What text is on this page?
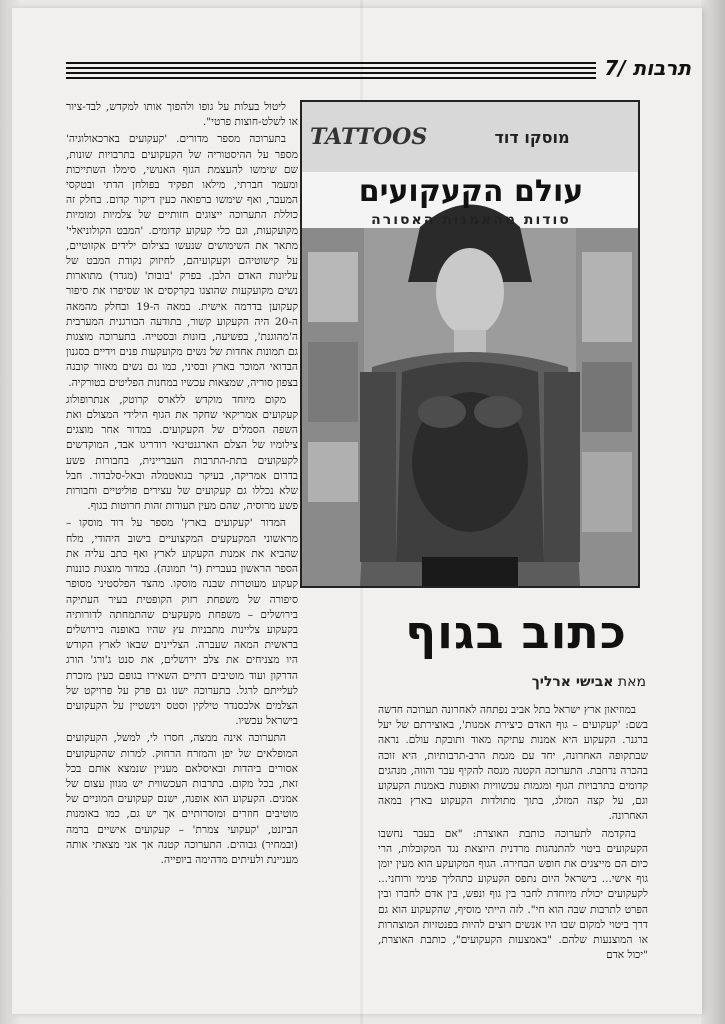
תרבות /7

ליטול בעלות על גופו ולהפוך אותו למקדש, לבד-ציור או לשלט-חוצות פרטי".

בתערוכה מספר מדורים. 'קעקועים בארכאולוגיה' מספר על ההיסטוריה של הקעקועים בתרבויות שונות, שם שימשו להעצמת הגוף האנושי, סימלו השתייכות ומעמד חברתי, מילאו תפקיד בפולחן הדתי ובטקסי המעבר, ואף שימשו ברפואה כעין דיקור קדום. בחלק זה כוללת התערוכה ייצוגים חזותיים של צלמיות ומומיות מקועקעות, וגם כלי קעקוע קדומים. 'המבט הקולוניאלי' מתאר את השימושים שנעשו בצילום ילידים אקזוטיים, על קישוטיהם וקעקועיהם, לחיזוק נקודת המבט של עליונות האדם הלבן. בפרק 'בובות' (מגדר) מתוארות נשים מקועקעות שהוצגו בקרקסים או שסיפרו את סיפור קעקוען בדרמה אישית. במאה ה-19 ובחלק מהמאה ה-20 היה הקעקוע קשור, בתודעה הבורגנית המערבית ה'מהוגנת', בפשיעה, בזונות ובסטייה. בתערוכה מוצגות גם תמונות אחדות של נשים מקועקעות פנים וידיים בסגנון הבדואי המוכר בארץ ובסיני, כמו גם נשים מאזור קובנה בצפון סוריה, שמצאות עכשיו במחנות הפליטים בטורקיה.

מקום מיוחד מוקדש ללארס קרוטק, אנתרופולוג קעקועים אמריקאי שחקר את הגוף הילידי המצולם ואת השפה הסמלים של הקעקועים. במדור אחר מוצגים צילומיו של הצלם הארגנטינאי רודריגו אבד, המוקדשים לקעקועים בתת-התרבות העבריינית, בחבורות פשע בדרום אמריקה, בעיקר בגואטמלה ובאל-סלבדור. חבל שלא נכללו גם קעקועים של עצירים פוליטיים וחבורות פשע מרוסיה, שהם מעין תעודות זהות חרוטות בגוף.

המדור 'קעקועים בארץ' מספר על דוד מוסקו – מראשוני המקעקעים המקצועיים בישוב היהודי, מלח שהביא את אמנות הקעקוע לארץ ואף כתב עליה את הספר הראשון בעברית (ר' תמונה). במדור מוצגות כוננות קעקוע מעוטרות שבנה מוסקו. מהצד הפלסטיני מסופר סיפורה של משפחת רזוק הקופטית בעיר העתיקה בירושלים – משפחת מקעקעים שהתמחתה לדורותיה בקעקוע צליינות מתבניות עץ שהיו באופנה בירושלים בראשית המאה שעברה. הצליינים שבאו לארץ הקודש היו מצניחים את צלב ירושלים, את סנט ג'ורג' הורג הדרקון ועוד מוטיבים דתיים השאירו בגופם כעין מזכרת לעלייתם לרגל. בתערוכה ישנו גם פרק על פרויקט של הצלמים אלכסנדר טילקין וסטס וינשטיין על הקעקועים בישראל עכשיו.

התערוכה אינה ממצה, חסרו לי, למשל, הקעקועים המופלאים של יפן והמזרח הרחוק. למרות שהקעקועים אסורים ביהדות ובאיסלאם מעניין שנמצא אותם בכל זאת, בכל מקום. בתרבות העכשווית יש מגוון עצום של אמנים. הקעקוע הוא אופנה, ישנם קעקועים המוניים של מוטיבים חוזרים ומוסרותיים אך יש גם, כמו באומנות הביזנט, 'קעקועי צמרת' – קעקועים אישיים ברמה (ובמחיר) גבוהים. התערוכה קטנה אך אני מצאתי אותה מעניינת ולעיתים מדהימה ביופייה.

TATTOOS	מוסקו דוד
עולם הקעקועים
סודות מהאמנות האסורה
כתוב בגוף
מאת אבישי ארליך

במוזיאון ארץ ישראל בתל אביב נפתחה לאחרונה תערוכה חדשה בשם: 'קעקועים – גוף האדם כיצירת אמנות', באוצירתם של יעל ברגנר. הקעקוע היא אמנות עתיקה מאוד ותובקת עולם. נראה שבתקופה האחרונה, יחד עם מגמת הרב-תרבותיות, היא זוכה בהכרה נרחבת. התערוכה הקטנה מנסה להקיף עבר והווה, מנהגים קדומים בתרבויות הגוף ומגמות עכשוויות ואופנות באמנות הקעקוע וגם, על קצה המזלג, בתוך מתולדות הקעקוע בארץ במאה האחרונה.

בהקדמה לתערוכה כותבת האוצרת: "אם בעבר נחשבו הקעקועים ביטוי להתנהגות מרדנית היוצאת נגד המקובלות, הרי כיום הם מייצגים את חופש הבחירה. הגוף המקועקע הוא מעין יומן גוף אישי... בישראל היום נתפס הקעקוע כתהליך פנימי ורוחני... לקעקועים יכולת מיוחדת לחבר בין גוף ונפש, בין אדם לחברו ובין הפרט לתרבות שבה הוא חי". לזה הייתי מוסיף, שהקעקוע הוא גם דרך ביטוי למקום שבו היו אנשים רוצים להיות בפנטזיות המוצהרות או המוצנעות שלהם. "באמצעות הקעקועים", כותבת האוצרת, "יכול אדם
